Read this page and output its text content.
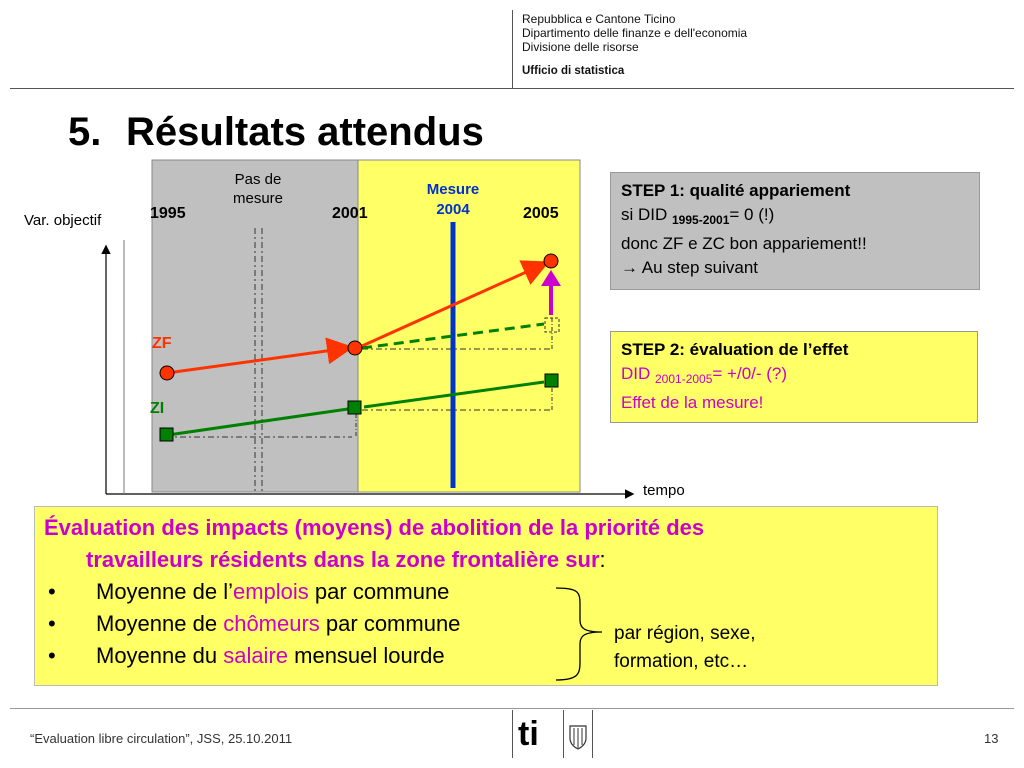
Repubblica e Cantone Ticino
Dipartimento delle finanze e dell'economia
Divisione delle risorse
Ufficio di statistica
5. Résultats attendus
Var. objectif
tempo
Pas de
mesure
Mesure
2004
1995	2001	2005
ZF
ZI
STEP 1: qualité appariement
si DID $_{1995-2001}$= 0 (!)
donc ZF e ZC bon appariement!!
→ Au step suivant
STEP 2: évaluation de l’effet
DID $_{2001-2005}$= +/0/- (?)
Effet de la mesure!
Évaluation des impacts (moyens) de abolition de la priorité des
travailleurs résidents dans la zone frontalière sur:
• Moyenne de l’emplois par commune
• Moyenne de chômeurs par commune
• Moyenne du salaire mensuel lourde
par région, sexe,
formation, etc…
“Evaluation libre circulation”, JSS, 25.10.2011	13
ti
